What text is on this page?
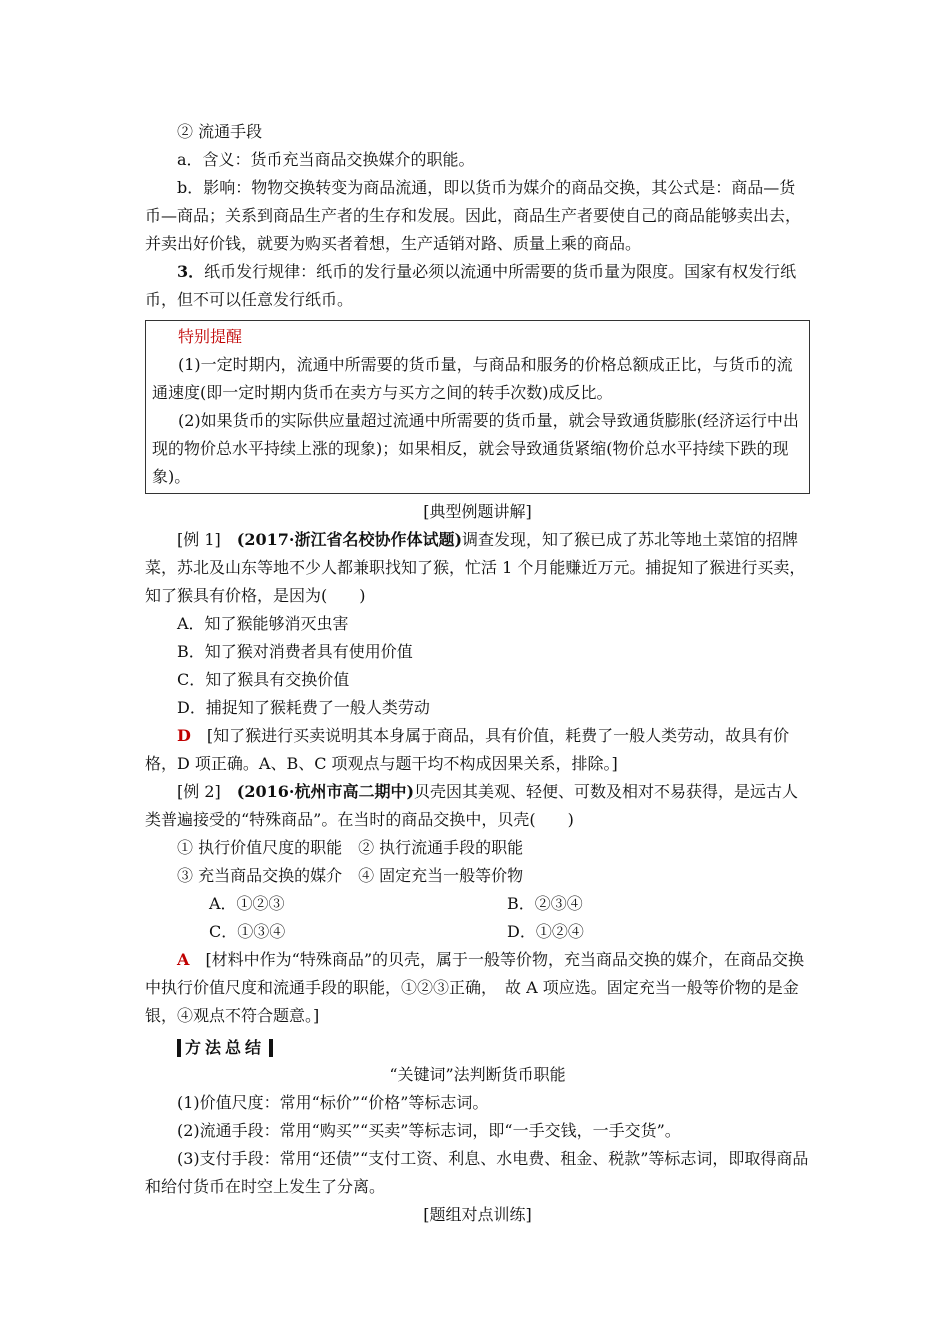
② 流通手段

a．含义：货币充当商品交换媒介的职能。

b．影响：物物交换转变为商品流通，即以货币为媒介的商品交换，其公式是：商品—货币—商品；关系到商品生产者的生存和发展。因此，商品生产者要使自己的商品能够卖出去，并卖出好价钱，就要为购买者着想，生产适销对路、质量上乘的商品。

3．纸币发行规律：纸币的发行量必须以流通中所需要的货币量为限度。国家有权发行纸币，但不可以任意发行纸币。

特别提醒

(1)一定时期内，流通中所需要的货币量，与商品和服务的价格总额成正比，与货币的流通速度(即一定时期内货币在卖方与买方之间的转手次数)成反比。

(2)如果货币的实际供应量超过流通中所需要的货币量，就会导致通货膨胀(经济运行中出现的物价总水平持续上涨的现象)；如果相反，就会导致通货紧缩(物价总水平持续下跌的现象)。

[典型例题讲解]

[例 1]　 (2017·浙江省名校协作体试题)调查发现，知了猴已成了苏北等地土菜馆的招牌菜，苏北及山东等地不少人都兼职找知了猴，忙活 1 个月能赚近万元。捕捉知了猴进行买卖，知了猴具有价格，是因为(　　)

A．知了猴能够消灭虫害

B．知了猴对消费者具有使用价值

C．知了猴具有交换价值

D．捕捉知了猴耗费了一般人类劳动

D　 [知了猴进行买卖说明其本身属于商品，具有价值，耗费了一般人类劳动，故具有价格，D 项正确。A、B、C 项观点与题干均不构成因果关系，排除。]

[例 2]　 (2016·杭州市高二期中)贝壳因其美观、轻便、可数及相对不易获得，是远古人类普遍接受的“特殊商品”。在当时的商品交换中，贝壳(　　)

① 执行价值尺度的职能　② 执行流通手段的职能

③ 充当商品交换的媒介　④ 固定充当一般等价物

A．①②③	B．②③④
C．①③④	D．①②④

A　 [材料中作为“特殊商品”的贝壳，属于一般等价物，充当商品交换的媒介，在商品交换中执行价值尺度和流通手段的职能，①②③正确，　故 A 项应选。固定充当一般等价物的是金银，④观点不符合题意。]

方法总结

“关键词”法判断货币职能

(1)价值尺度：常用“标价”“价格”等标志词。

(2)流通手段：常用“购买”“买卖”等标志词，即“一手交钱，一手交货”。

(3)支付手段：常用“还债”“支付工资、利息、水电费、租金、税款”等标志词，即取得商品和给付货币在时空上发生了分离。

[题组对点训练]
